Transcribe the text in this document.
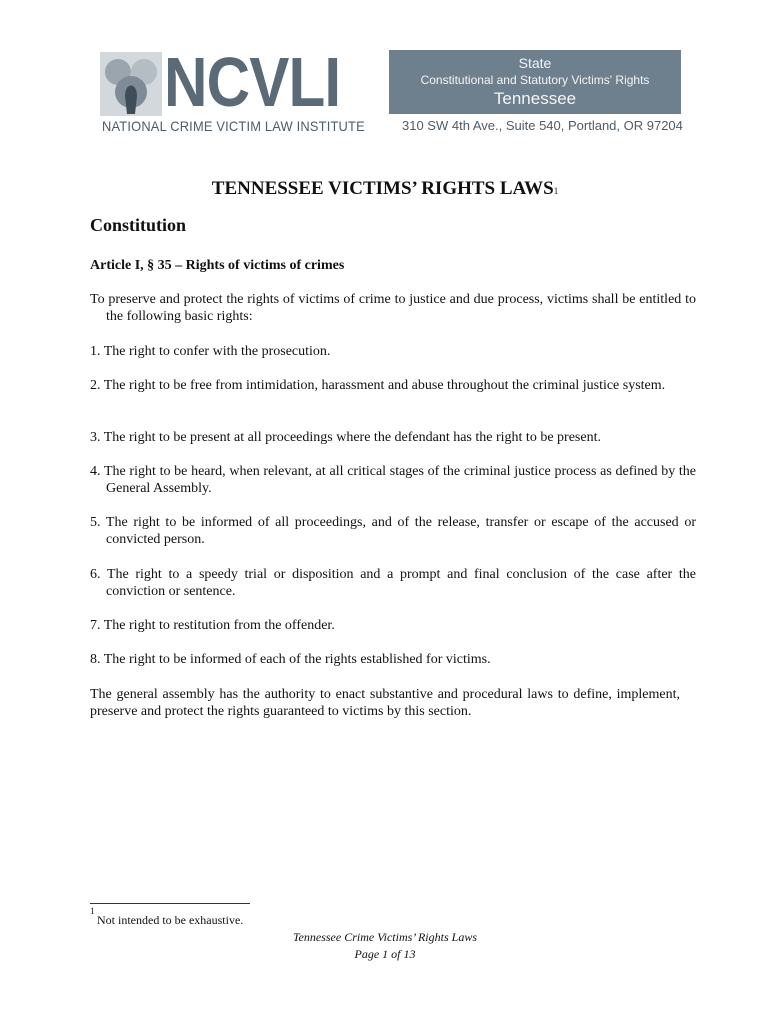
NCVLI
NATIONAL CRIME VICTIM LAW INSTITUTE
State
Constitutional and Statutory Victims' Rights
Tennessee
310 SW 4th Ave., Suite 540, Portland, OR 97204
TENNESSEE VICTIMS’ RIGHTS LAWS1
Constitution
Article I, § 35 – Rights of victims of crimes
To preserve and protect the rights of victims of crime to justice and due process, victims shall be entitled to the following basic rights:
1. The right to confer with the prosecution.
2. The right to be free from intimidation, harassment and abuse throughout the criminal justice system.
3. The right to be present at all proceedings where the defendant has the right to be present.
4. The right to be heard, when relevant, at all critical stages of the criminal justice process as defined by the General Assembly.
5. The right to be informed of all proceedings, and of the release, transfer or escape of the accused or convicted person.
6. The right to a speedy trial or disposition and a prompt and final conclusion of the case after the conviction or sentence.
7. The right to restitution from the offender.
8. The right to be informed of each of the rights established for victims.
The general assembly has the authority to enact substantive and procedural laws to define, implement, preserve and protect the rights guaranteed to victims by this section.
1
Not intended to be exhaustive.
Tennessee Crime Victims’ Rights Laws
Page 1 of 13
